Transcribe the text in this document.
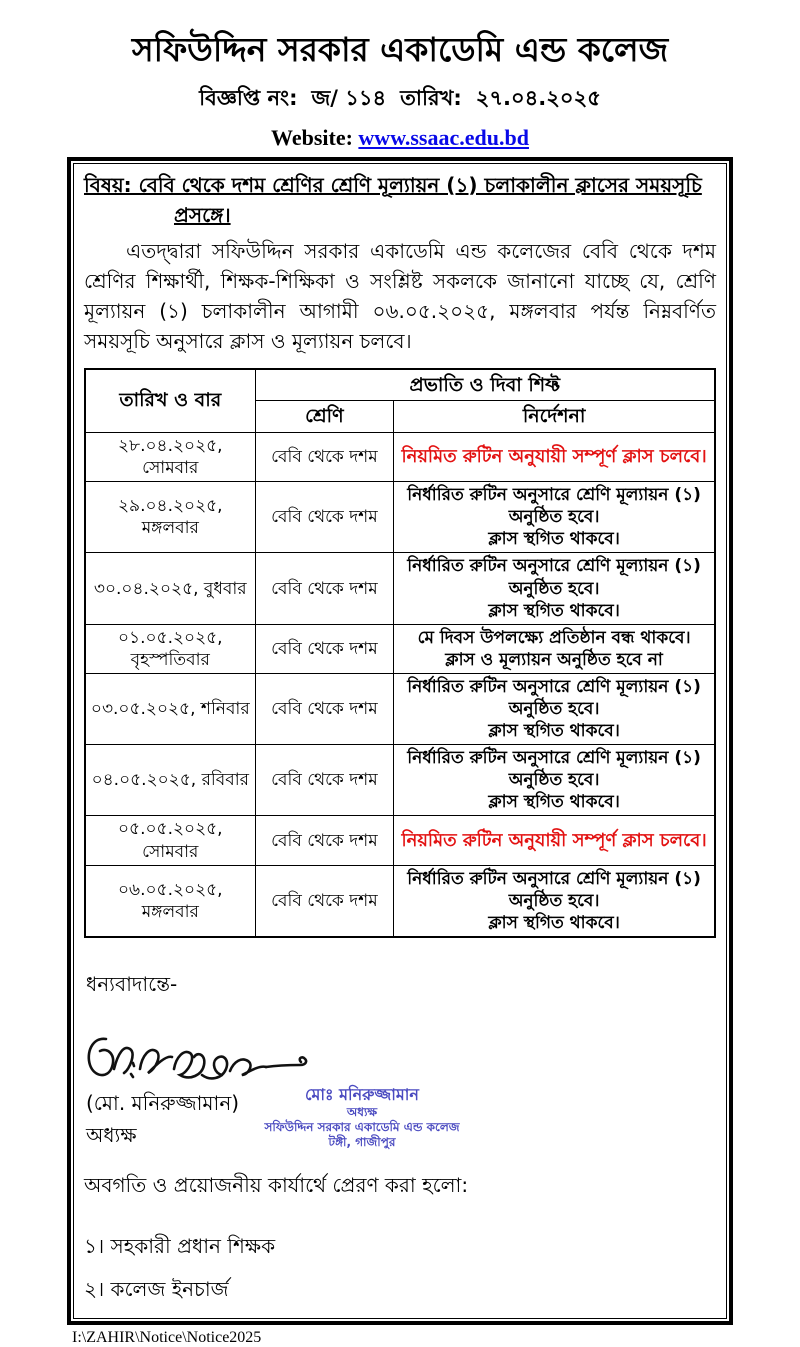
সফিউদ্দিন সরকার একাডেমি এন্ড কলেজ
বিজ্ঞপ্তি নং: জ/ ১১৪ তারিখ: ২৭.০৪.২০২৫
Website: www.ssaac.edu.bd
বিষয়: বেবি থেকে দশম শ্রেণির শ্রেণি মূল্যায়ন (১) চলাকালীন ক্লাসের সময়সূচি
প্রসঙ্গে।
এতদ্দ্বারা সফিউদ্দিন সরকার একাডেমি এন্ড কলেজের বেবি থেকে দশম শ্রেণির শিক্ষার্থী, শিক্ষক-শিক্ষিকা ও সংশ্লিষ্ট সকলকে জানানো যাচ্ছে যে, শ্রেণি মূল্যায়ন (১) চলাকালীন আগামী ০৬.০৫.২০২৫, মঙ্গলবার পর্যন্ত নিম্নবর্ণিত সময়সূচি অনুসারে ক্লাস ও মূল্যায়ন চলবে।
তারিখ ও বার	প্রভাতি ও দিবা শিফ্ট	
	শ্রেণি	নির্দেশনা
২৮.০৪.২০২৫, সোমবার	বেবি থেকে দশম	নিয়মিত রুটিন অনুযায়ী সম্পূর্ণ ক্লাস চলবে।

২৯.০৪.২০২৫, মঙ্গলবার	বেবি থেকে দশম	নির্ধারিত রুটিন অনুসারে শ্রেণি মূল্যায়ন (১) অনুষ্ঠিত হবে।
ক্লাস স্থগিত থাকবে।

৩০.০৪.২০২৫, বুধবার	বেবি থেকে দশম	নির্ধারিত রুটিন অনুসারে শ্রেণি মূল্যায়ন (১) অনুষ্ঠিত হবে।
ক্লাস স্থগিত থাকবে।

০১.০৫.২০২৫, বৃহস্পতিবার	বেবি থেকে দশম	মে দিবস উপলক্ষ্যে প্রতিষ্ঠান বন্ধ থাকবে।
ক্লাস ও মূল্যায়ন অনুষ্ঠিত হবে না

০৩.০৫.২০২৫, শনিবার	বেবি থেকে দশম	নির্ধারিত রুটিন অনুসারে শ্রেণি মূল্যায়ন (১) অনুষ্ঠিত হবে।
ক্লাস স্থগিত থাকবে।

০৪.০৫.২০২৫, রবিবার	বেবি থেকে দশম	নির্ধারিত রুটিন অনুসারে শ্রেণি মূল্যায়ন (১) অনুষ্ঠিত হবে।
ক্লাস স্থগিত থাকবে।

০৫.০৫.২০২৫, সোমবার	বেবি থেকে দশম	নিয়মিত রুটিন অনুযায়ী সম্পূর্ণ ক্লাস চলবে।

০৬.০৫.২০২৫, মঙ্গলবার	বেবি থেকে দশম	নির্ধারিত রুটিন অনুসারে শ্রেণি মূল্যায়ন (১) অনুষ্ঠিত হবে।
ক্লাস স্থগিত থাকবে।
ধন্যবাদান্তে-
(মো. মনিরুজ্জামান)	মোঃ মনিরুজ্জামান
অধ্যক্ষ
সফিউদ্দিন সরকার একাডেমি এন্ড কলেজ
টঙ্গী, গাজীপুর
অধ্যক্ষ
অবগতি ও প্রয়োজনীয় কার্যার্থে প্রেরণ করা হলো:
১। সহকারী প্রধান শিক্ষক
২। কলেজ ইনচার্জ
I:\ZAHIR\Notice\Notice2025
